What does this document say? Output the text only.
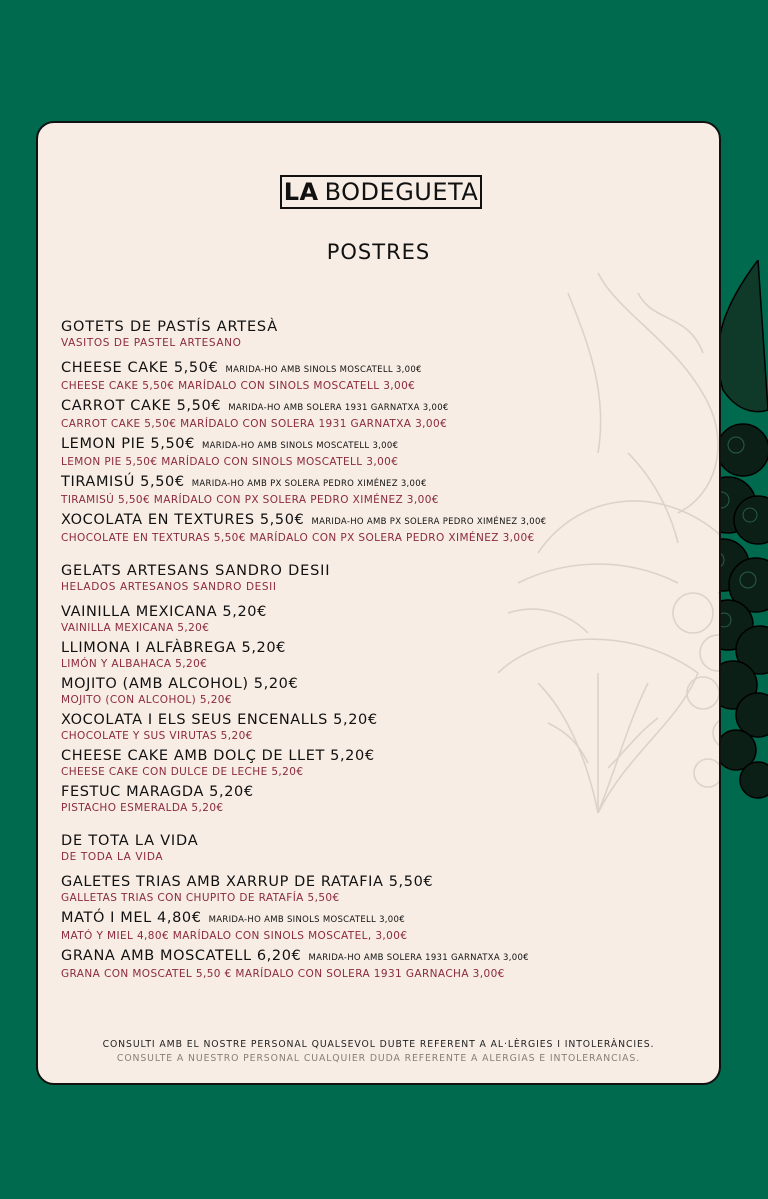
LA BODEGUETA
POSTRES
GOTETS DE PASTÍS ARTESÀ
VASITOS DE PASTEL ARTESANO
CHEESE CAKE 5,50€ MARIDA-HO AMB SINOLS MOSCATELL 3,00€
CHEESE CAKE 5,50€ MARÍDALO CON SINOLS MOSCATELL 3,00€
CARROT CAKE 5,50€ MARIDA-HO AMB SOLERA 1931 GARNATXA 3,00€
CARROT CAKE 5,50€ MARÍDALO CON SOLERA 1931 GARNATXA 3,00€
LEMON PIE 5,50€ MARIDA-HO AMB SINOLS MOSCATELL 3,00€
LEMON PIE 5,50€ MARÍDALO CON SINOLS MOSCATELL 3,00€
TIRAMISÚ 5,50€ MARIDA-HO AMB PX SOLERA PEDRO XIMÉNEZ 3,00€
TIRAMISÚ 5,50€ MARÍDALO CON PX SOLERA PEDRO XIMÉNEZ 3,00€
XOCOLATA EN TEXTURES 5,50€ MARIDA-HO AMB PX SOLERA PEDRO XIMÉNEZ 3,00€
CHOCOLATE EN TEXTURAS 5,50€ MARÍDALO CON PX SOLERA PEDRO XIMÉNEZ 3,00€
GELATS ARTESANS SANDRO DESII
HELADOS ARTESANOS SANDRO DESII
VAINILLA MEXICANA 5,20€
VAINILLA MEXICANA 5,20€
LLIMONA I ALFÀBREGA 5,20€
LIMÓN Y ALBAHACA 5,20€
MOJITO (AMB ALCOHOL) 5,20€
MOJITO (CON ALCOHOL) 5,20€
XOCOLATA I ELS SEUS ENCENALLS 5,20€
CHOCOLATE Y SUS VIRUTAS 5,20€
CHEESE CAKE AMB DOLÇ DE LLET 5,20€
CHEESE CAKE CON DULCE DE LECHE 5,20€
FESTUC MARAGDA 5,20€
PISTACHO ESMERALDA 5,20€
DE TOTA LA VIDA
DE TODA LA VIDA
GALETES TRIAS AMB XARRUP DE RATAFIA 5,50€
GALLETAS TRIAS CON CHUPITO DE RATAFÍA 5,50€
MATÓ I MEL 4,80€ MARIDA-HO AMB SINOLS MOSCATELL 3,00€
MATÓ Y MIEL 4,80€ MARÍDALO CON SINOLS MOSCATEL, 3,00€
GRANA AMB MOSCATELL 6,20€ MARIDA-HO AMB SOLERA 1931 GARNATXA 3,00€
GRANA CON MOSCATEL 5,50 € MARÍDALO CON SOLERA 1931 GARNACHA 3,00€
CONSULTI AMB EL NOSTRE PERSONAL QUALSEVOL DUBTE REFERENT A AL·LÈRGIES I INTOLERÀNCIES.
CONSULTE A NUESTRO PERSONAL CUALQUIER DUDA REFERENTE A ALERGIAS E INTOLERANCIAS.
